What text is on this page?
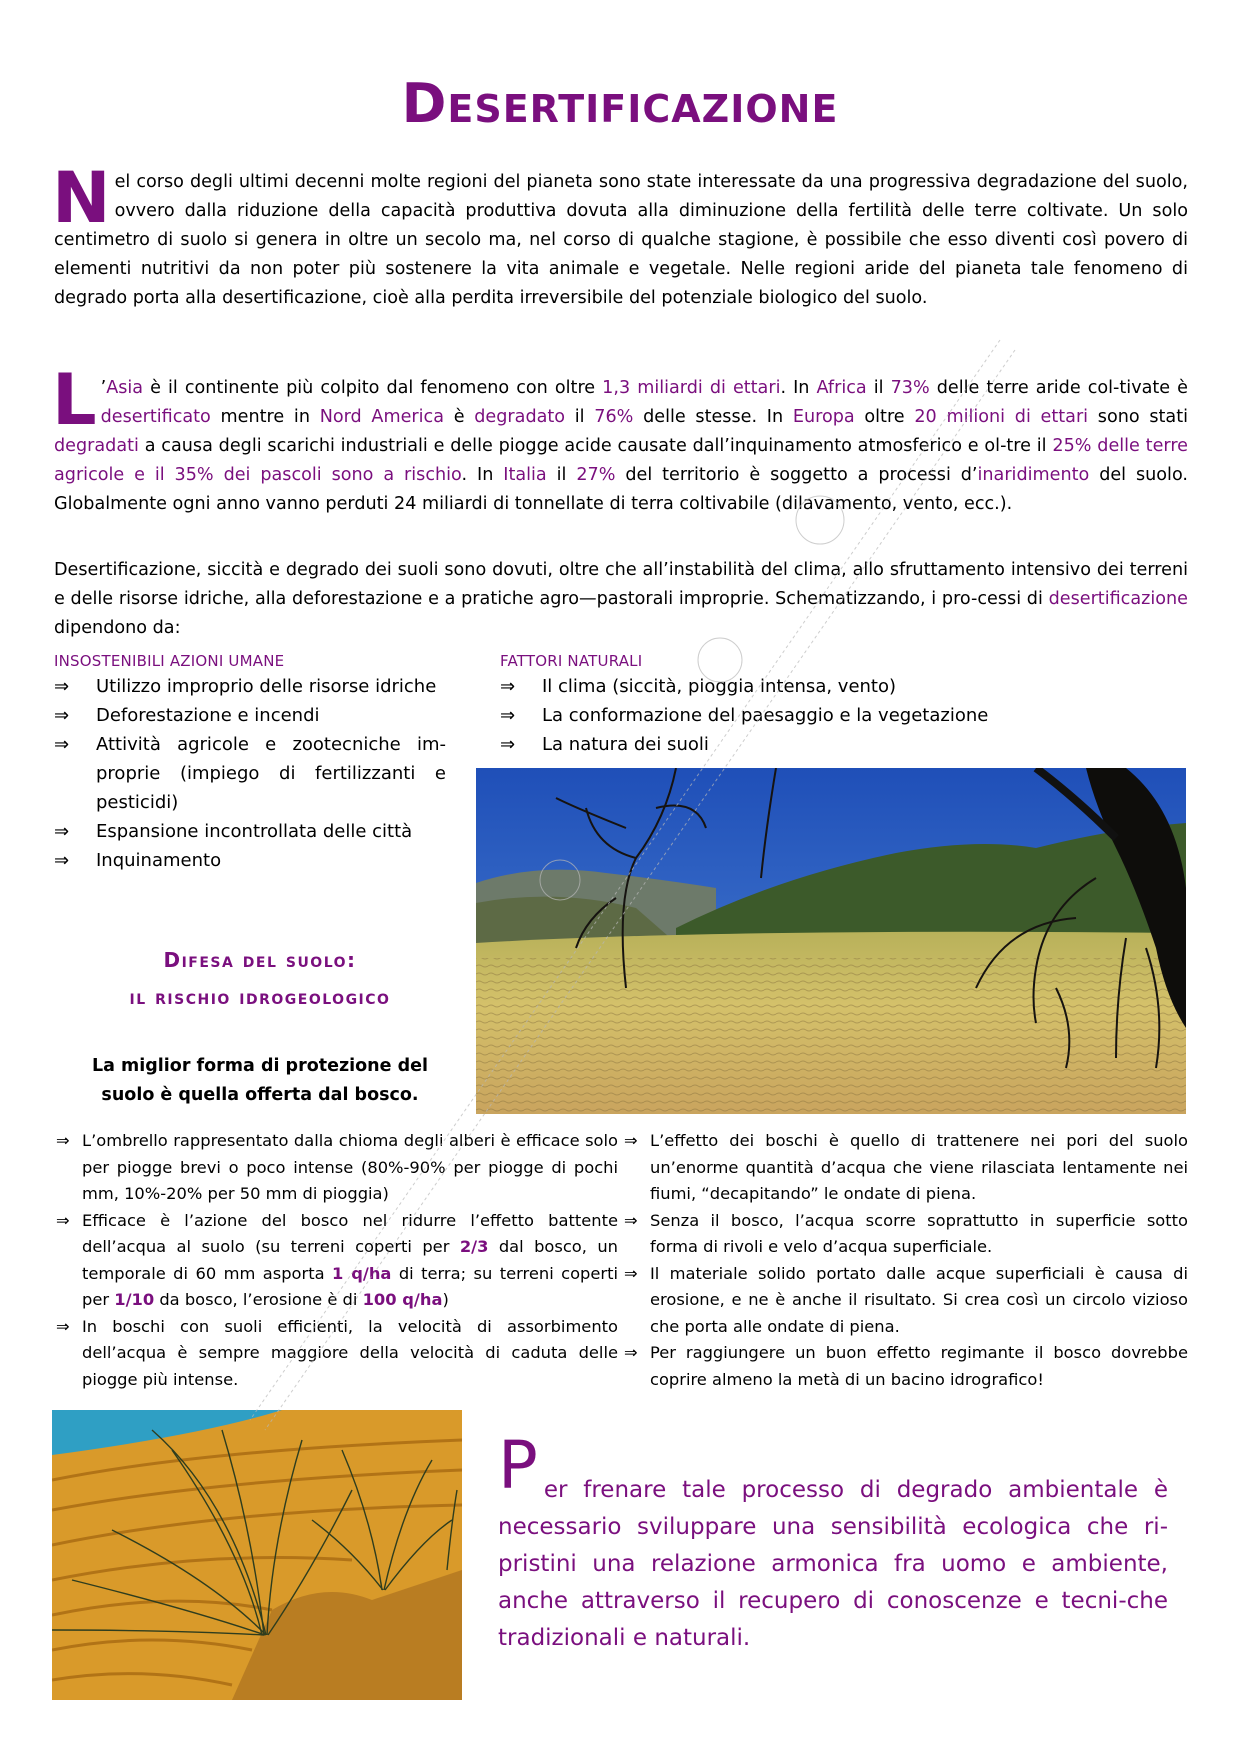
Desertificazione
N el corso degli ultimi decenni molte regioni del pianeta sono state interessate da una progressiva degradazione del suolo, ovvero dalla riduzione della capacità produttiva dovuta alla diminuzione della fertilità delle terre coltivate. Un solo centimetro di suolo si genera in oltre un secolo ma, nel corso di qualche stagione, è possibile che esso diventi così povero di elementi nutritivi da non poter più sostenere la vita animale e vegetale. Nelle regioni aride del pianeta tale fenomeno di degrado porta alla desertificazione, cioè alla perdita irreversibile del potenziale biologico del suolo.
L ’Asia è il continente più colpito dal fenomeno con oltre 1,3 miliardi di ettari. In Africa il 73% delle terre aride col-tivate è desertificato mentre in Nord America è degradato il 76% delle stesse. In Europa oltre 20 milioni di ettari sono stati degradati a causa degli scarichi industriali e delle piogge acide causate dall’inquinamento atmosferico e ol-tre il 25% delle terre agricole e il 35% dei pascoli sono a rischio. In Italia il 27% del territorio è soggetto a processi d’inaridimento del suolo. Globalmente ogni anno vanno perduti 24 miliardi di tonnellate di terra coltivabile (dilavamento, vento, ecc.).
Desertificazione, siccità e degrado dei suoli sono dovuti, oltre che all’instabilità del clima, allo sfruttamento intensivo dei terreni e delle risorse idriche, alla deforestazione e a pratiche agro—pastorali improprie. Schematizzando, i pro-cessi di desertificazione dipendono da:
INSOSTENIBILI AZIONI UMANE
⇒ Utilizzo improprio delle risorse idriche
⇒ Deforestazione e incendi
⇒ Attività agricole e zootecniche im-proprie (impiego di fertilizzanti e pesticidi)
⇒ Espansione incontrollata delle città
⇒ Inquinamento
FATTORI NATURALI
⇒ Il clima (siccità, pioggia intensa, vento)
⇒ La conformazione del paesaggio e la vegetazione
⇒ La natura dei suoli
Difesa del suolo:
il rischio idrogeologico
La miglior forma di protezione del suolo è quella offerta dal bosco.
⇒ L’ombrello rappresentato dalla chioma degli alberi è efficace solo per piogge brevi o poco intense (80%-90% per piogge di pochi mm, 10%-20% per 50 mm di pioggia)
⇒ Efficace è l’azione del bosco nel ridurre l’effetto battente dell’acqua al suolo (su terreni coperti per 2/3 dal bosco, un temporale di 60 mm asporta 1 q/ha di terra; su terreni coperti per 1/10 da bosco, l’erosione è di 100 q/ha)
⇒ In boschi con suoli efficienti, la velocità di assorbimento dell’acqua è sempre maggiore della velocità di caduta delle piogge più intense.
⇒ L’effetto dei boschi è quello di trattenere nei pori del suolo un’enorme quantità d’acqua che viene rilasciata lentamente nei fiumi, “decapitando” le ondate di piena.
⇒ Senza il bosco, l’acqua scorre soprattutto in superficie sotto forma di rivoli e velo d’acqua superficiale.
⇒ Il materiale solido portato dalle acque superficiali è causa di erosione, e ne è anche il risultato. Si crea così un circolo vizioso che porta alle ondate di piena.
⇒ Per raggiungere un buon effetto regimante il bosco dovrebbe coprire almeno la metà di un bacino idrografico!
P er frenare tale processo di degrado ambientale è necessario sviluppare una sensibilità ecologica che ri-pristini una relazione armonica fra uomo e ambiente, anche attraverso il recupero di conoscenze e tecni-che tradizionali e naturali.
